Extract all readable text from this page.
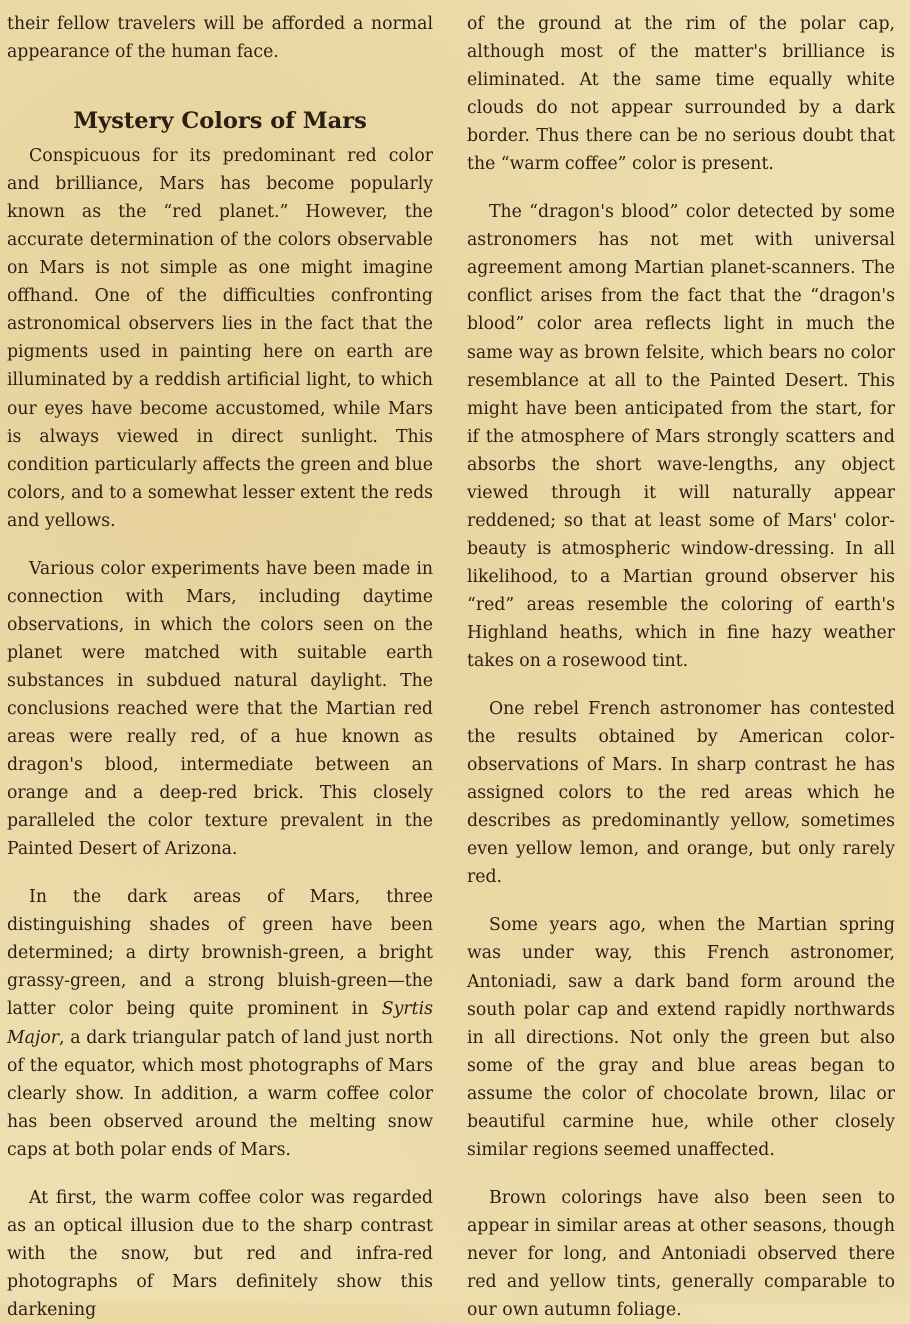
their fellow travelers will be afforded a normal appearance of the human face.

Mystery Colors of Mars

Conspicuous for its predominant red color and brilliance, Mars has become popularly known as the “red planet.” However, the accurate determination of the colors observable on Mars is not simple as one might imagine offhand. One of the difficulties confronting astronomical observers lies in the fact that the pigments used in painting here on earth are illuminated by a reddish artificial light, to which our eyes have become accustomed, while Mars is always viewed in direct sunlight. This condition particularly affects the green and blue colors, and to a somewhat lesser extent the reds and yellows.

Various color experiments have been made in connection with Mars, including daytime observations, in which the colors seen on the planet were matched with suitable earth substances in subdued natural daylight. The conclusions reached were that the Martian red areas were really red, of a hue known as dragon's blood, intermediate between an orange and a deep-red brick. This closely paralleled the color texture prevalent in the Painted Desert of Arizona.

In the dark areas of Mars, three distinguishing shades of green have been determined; a dirty brownish-green, a bright grassy-green, and a strong bluish-green—the latter color being quite prominent in Syrtis Major, a dark triangular patch of land just north of the equator, which most photographs of Mars clearly show. In addition, a warm coffee color has been observed around the melting snow caps at both polar ends of Mars.

At first, the warm coffee color was regarded as an optical illusion due to the sharp contrast with the snow, but red and infra-red photographs of Mars definitely show this darkening

of the ground at the rim of the polar cap, although most of the matter's brilliance is eliminated. At the same time equally white clouds do not appear surrounded by a dark border. Thus there can be no serious doubt that the “warm coffee” color is present.

The “dragon's blood” color detected by some astronomers has not met with universal agreement among Martian planet-scanners. The conflict arises from the fact that the “dragon's blood” color area reflects light in much the same way as brown felsite, which bears no color resemblance at all to the Painted Desert. This might have been anticipated from the start, for if the atmosphere of Mars strongly scatters and absorbs the short wave-lengths, any object viewed through it will naturally appear reddened; so that at least some of Mars' color-beauty is atmospheric window-dressing. In all likelihood, to a Martian ground observer his “red” areas resemble the coloring of earth's Highland heaths, which in fine hazy weather takes on a rosewood tint.

One rebel French astronomer has contested the results obtained by American color-observations of Mars. In sharp contrast he has assigned colors to the red areas which he describes as predominantly yellow, sometimes even yellow lemon, and orange, but only rarely red.

Some years ago, when the Martian spring was under way, this French astronomer, Antoniadi, saw a dark band form around the south polar cap and extend rapidly northwards in all directions. Not only the green but also some of the gray and blue areas began to assume the color of chocolate brown, lilac or beautiful carmine hue, while other closely similar regions seemed unaffected.

Brown colorings have also been seen to appear in similar areas at other seasons, though never for long, and Antoniadi observed there red and yellow tints, generally comparable to our own autumn foliage.
